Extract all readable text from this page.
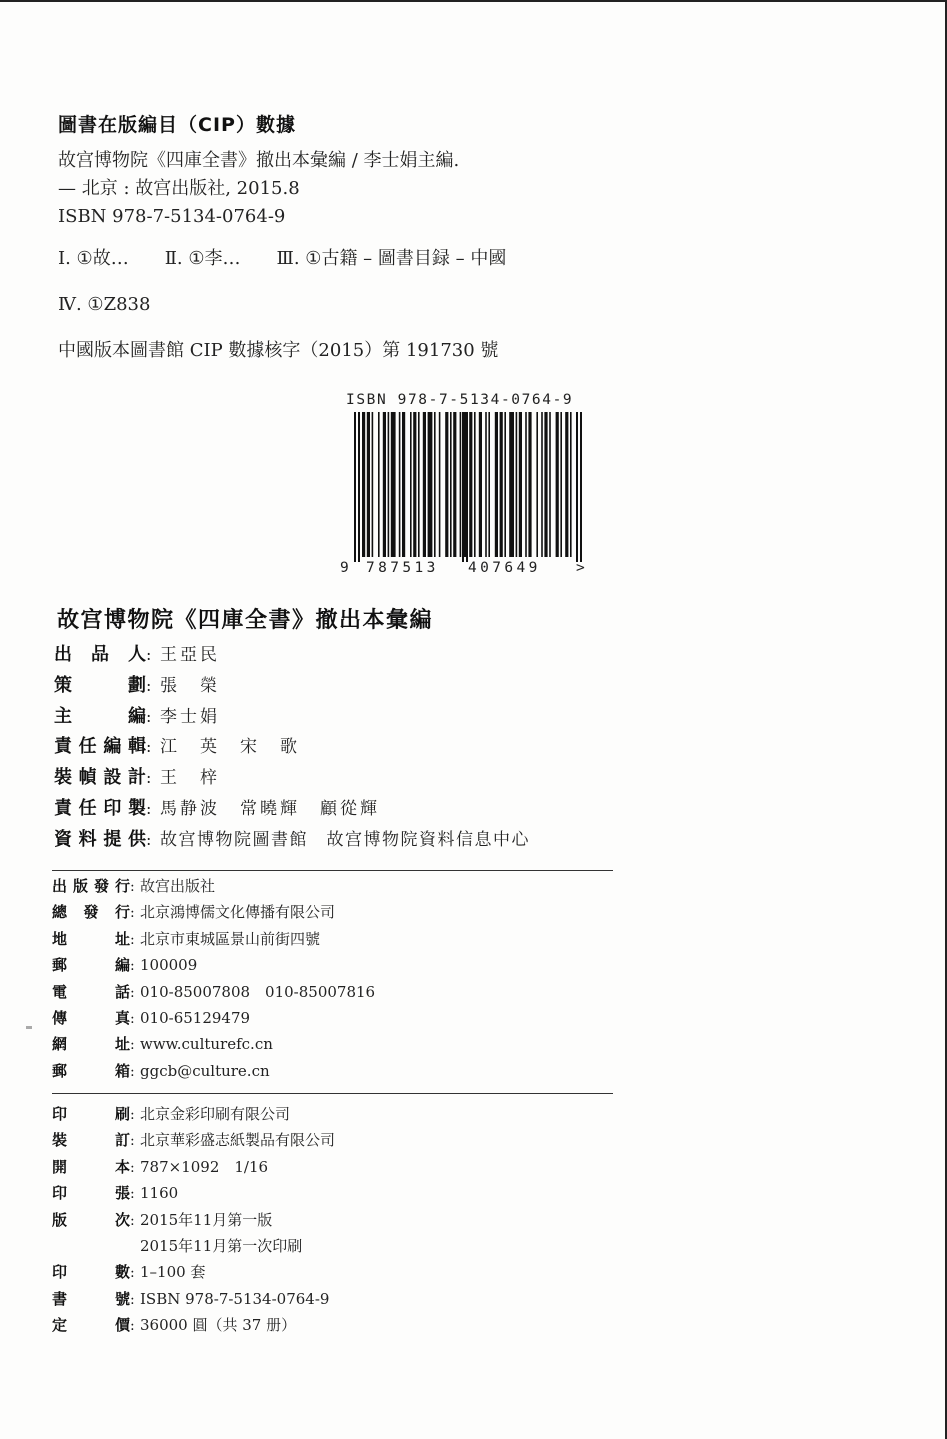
圖書在版編目（CIP）數據

故宫博物院《四庫全書》撤出本彙編 / 李士娟主編.

— 北京 : 故宫出版社, 2015.8

ISBN 978-7-5134-0764-9

Ⅰ. ①故…　　Ⅱ. ①李…　　Ⅲ. ①古籍 – 圖書目録 – 中國

Ⅳ. ①Z838

中國版本圖書館 CIP 數據核字（2015）第 191730 號

ISBN 978-7-5134-0764-9
9 787513 407649 >
故宫博物院《四庫全書》撤出本彙編
出品人 : 王亞民
策劃 : 張　榮
主編 : 李士娟
責任編輯 : 江　英　宋　歌
裝幀設計 : 王　梓
責任印製 : 馬静波　常曉輝　顧從輝
資料提供 : 故宫博物院圖書館　故宫博物院資料信息中心
出版發行 : 故宫出版社
總發行 : 北京鴻博儒文化傳播有限公司
地址 : 北京市東城區景山前街四號
郵編 : 100009
電話 : 010-85007808　010-85007816
傳真 : 010-65129479
網址 : www.culturefc.cn
郵箱 : ggcb@culture.cn
印刷 : 北京金彩印刷有限公司
裝訂 : 北京華彩盛志紙製品有限公司
開本 : 787×1092　1/16
印張 : 1160
版次 : 2015年11月第一版
2015年11月第一次印刷
印數 : 1–100 套
書號 : ISBN 978-7-5134-0764-9
定價 : 36000 圓（共 37 册）
